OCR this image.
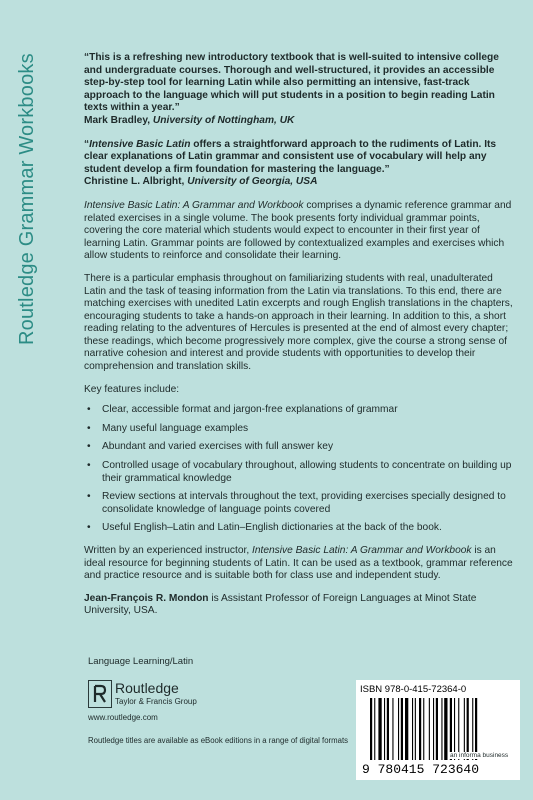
Routledge Grammar Workbooks	“This is a refreshing new introductory textbook that is well-suited to intensive college and undergraduate courses. Thorough and well-structured, it provides an accessible step-by-step tool for learning Latin while also permitting an intensive, fast-track approach to the language which will put students in a position to begin reading Latin texts within a year.”

Mark Bradley, University of Nottingham, UK

“Intensive Basic Latin offers a straightforward approach to the rudiments of Latin. Its clear explanations of Latin grammar and consistent use of vocabulary will help any student develop a firm foundation for mastering the language.”

Christine L. Albright, University of Georgia, USA

Intensive Basic Latin: A Grammar and Workbook comprises a dynamic reference grammar and related exercises in a single volume. The book presents forty individual grammar points, covering the core material which students would expect to encounter in their first year of learning Latin. Grammar points are followed by contextualized examples and exercises which allow students to reinforce and consolidate their learning.

There is a particular emphasis throughout on familiarizing students with real, unadulterated Latin and the task of teasing information from the Latin via translations. To this end, there are matching exercises with unedited Latin excerpts and rough English translations in the chapters, encouraging students to take a hands-on approach in their learning. In addition to this, a short reading relating to the adventures of Hercules is presented at the end of almost every chapter; these readings, which become progressively more complex, give the course a strong sense of narrative cohesion and interest and provide students with opportunities to develop their comprehension and translation skills.

Key features include:

• Clear, accessible format and jargon-free explanations of grammar
• Many useful language examples
• Abundant and varied exercises with full answer key
• Controlled usage of vocabulary throughout, allowing students to concentrate on building up their grammatical knowledge
• Review sections at intervals throughout the text, providing exercises specially designed to consolidate knowledge of language points covered
• Useful English–Latin and Latin–English dictionaries at the back of the book.

Written by an experienced instructor, Intensive Basic Latin: A Grammar and Workbook is an ideal resource for beginning students of Latin. It can be used as a textbook, grammar reference and practice resource and is suitable both for class use and independent study.

Jean-François R. Mondon is Assistant Professor of Foreign Languages at Minot State University, USA.

Language Learning/Latin
Routledge
Taylor & Francis Group
www.routledge.com
Routledge titles are available as eBook editions in a range of digital formats
ISBN 978-0-415-72364-0
9 780415 723640
an informa business
